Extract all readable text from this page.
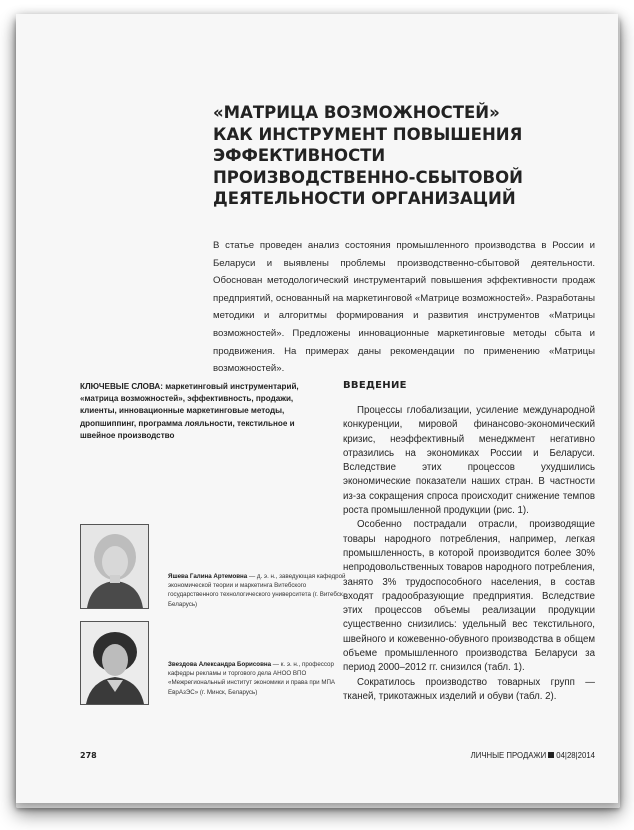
«МАТРИЦА ВОЗМОЖНОСТЕЙ»
КАК ИНСТРУМЕНТ ПОВЫШЕНИЯ
ЭФФЕКТИВНОСТИ
ПРОИЗВОДСТВЕННО-СБЫТОВОЙ
ДЕЯТЕЛЬНОСТИ ОРГАНИЗАЦИЙ

В статье проведен анализ состояния промышленного производства в России и Беларуси и выявлены проблемы производственно-сбытовой деятельности. Обоснован методологический инструментарий повышения эффективности продаж предприятий, основанный на маркетинговой «Матрице возможностей». Разработаны методики и алгоритмы формирования и развития инструментов «Матрицы возможностей». Предложены инновационные маркетинговые методы сбыта и продвижения. На примерах даны рекомендации по применению «Матрицы возможностей».

КЛЮЧЕВЫЕ СЛОВА: маркетинговый инструментарий, «матрица возможностей», эффективность, продажи, клиенты, инновационные маркетинговые методы, дропшиппинг, программа лояльности, текстильное и швейное производство

ВВЕДЕНИЕ

Процессы глобализации, усиление международной конкуренции, мировой финансово-экономический кризис, неэффективный менеджмент негативно отразились на экономиках России и Беларуси. Вследствие этих процессов ухудшились экономические показатели наших стран. В частности из-за сокращения спроса происходит снижение темпов роста промышленной продукции (рис. 1).

Особенно пострадали отрасли, производящие товары народного потребления, например, легкая промышленность, в которой производится более 30% непродовольственных товаров народного потребления, занято 3% трудоспособного населения, в состав входят градообразующие предприятия. Вследствие этих процессов объемы реализации продукции существенно снизились: удельный вес текстильного, швейного и кожевенно-обувного производства в общем объеме промышленного производства Беларуси за период 2000–2012 гг. снизился (табл. 1).

Сократилось производство товарных групп — тканей, трикотажных изделий и обуви (табл. 2).

Яшева Галина Артемовна — д. э. н., заведующая кафедрой экономической теории и маркетинга Витебского государственного технологического университета (г. Витебск, Беларусь)

Звездова Александра Борисовна — к. э. н., профессор кафедры рекламы и торгового дела АНОО ВПО «Межрегиональный институт экономики и права при МПА ЕврАзЭС» (г. Минск, Беларусь)

278	ЛИЧНЫЕ ПРОДАЖИ 04|28|2014
